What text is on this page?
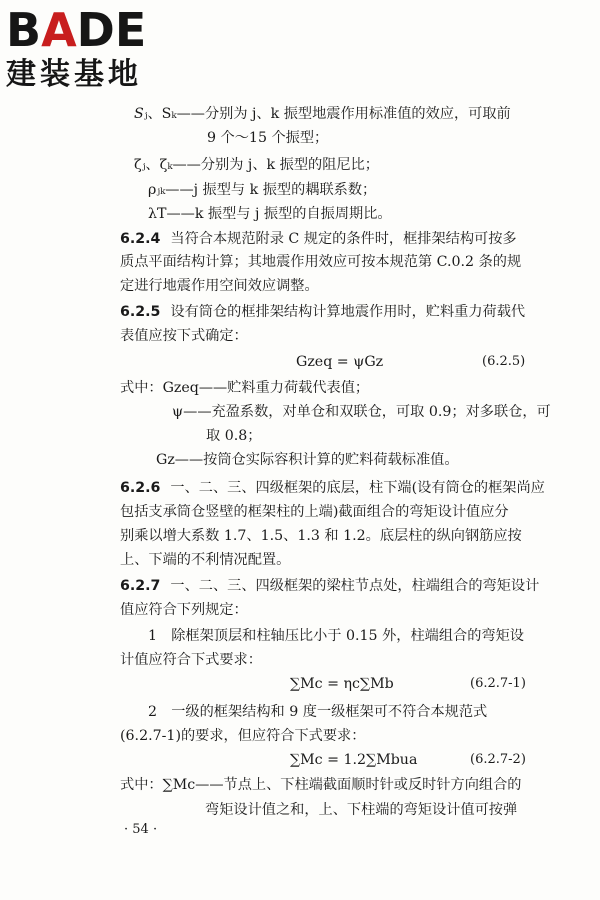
BADE
建装基地
Sⱼ、Sₖ——分别为 j、k 振型地震作用标准值的效应，可取前
9 个～15 个振型；
ζⱼ、ζₖ——分别为 j、k 振型的阻尼比；
ρⱼₖ——j 振型与 k 振型的耦联系数；
λT——k 振型与 j 振型的自振周期比。
6.2.4 当符合本规范附录 C 规定的条件时，框排架结构可按多
质点平面结构计算；其地震作用效应可按本规范第 C.0.2 条的规
定进行地震作用空间效应调整。
6.2.5 设有筒仓的框排架结构计算地震作用时，贮料重力荷载代
表值应按下式确定：
Gzeq = ψGz	(6.2.5)
式中：Gzeq——贮料重力荷载代表值；
ψ——充盈系数，对单仓和双联仓，可取 0.9；对多联仓，可
取 0.8；
Gz——按筒仓实际容积计算的贮料荷载标准值。
6.2.6 一、二、三、四级框架的底层，柱下端(设有筒仓的框架尚应
包括支承筒仓竖壁的框架柱的上端)截面组合的弯矩设计值应分
别乘以增大系数 1.7、1.5、1.3 和 1.2。底层柱的纵向钢筋应按
上、下端的不利情况配置。
6.2.7 一、二、三、四级框架的梁柱节点处，柱端组合的弯矩设计
值应符合下列规定：
1　除框架顶层和柱轴压比小于 0.15 外，柱端组合的弯矩设
计值应符合下式要求：
∑Mc = ηc∑Mb	(6.2.7-1)
2　一级的框架结构和 9 度一级框架可不符合本规范式
(6.2.7-1)的要求，但应符合下式要求：
∑Mc = 1.2∑Mbua	(6.2.7-2)
式中：∑Mc——节点上、下柱端截面顺时针或反时针方向组合的
弯矩设计值之和，上、下柱端的弯矩设计值可按弹
· 54 ·
